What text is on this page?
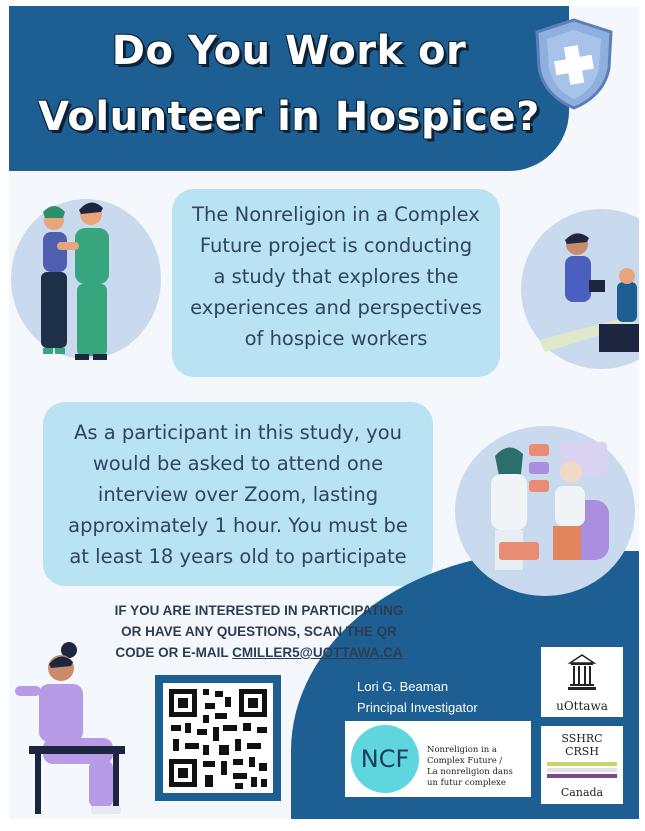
Do You Work or
Volunteer in Hospice?
The Nonreligion in a Complex
Future project is conducting
a study that explores the
experiences and perspectives
of hospice workers
As a participant in this study, you
would be asked to attend one
interview over Zoom, lasting
approximately 1 hour. You must be
at least 18 years old to participate
IF YOU ARE INTERESTED IN PARTICIPATING
OR HAVE ANY QUESTIONS, SCAN THE QR
CODE OR E-MAIL CMILLER5@UOTTAWA.CA
Lori G. Beaman
Principal Investigator
NCF	Nonreligion in a
Complex Future /
La nonreligion dans
un futur complexe
uOttawa
SSHRC
CRSH
Canada
